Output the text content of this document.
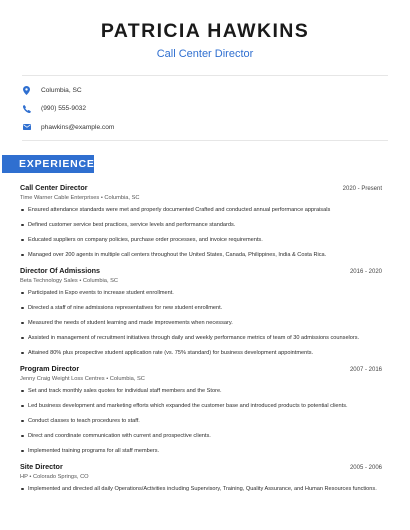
PATRICIA HAWKINS
Call Center Director
Columbia, SC
(990) 555-9032
phawkins@example.com
EXPERIENCE
Call Center Director	2020 - Present
Time Warner Cable Enterprises • Columbia, SC
Ensured attendance standards were met and properly documented Crafted and conducted annual performance appraisals
Defined customer service best practices, service levels and performance standards.
Educated suppliers on company policies, purchase order processes, and invoice requirements.
Managed over 200 agents in multiple call centers throughout the United States, Canada, Philippines, India & Costa Rica.
Director Of Admissions	2016 - 2020
Beta Technology Sales • Columbia, SC
Participated in Expo events to increase student enrollment.
Directed a staff of nine admissions representatives for new student enrollment.
Measured the needs of student learning and made improvements when necessary.
Assisted in management of recruitment initiatives through daily and weekly performance metrics of team of 30 admissions counselors.
Attained 80% plus prospective student application rate (vs. 75% standard) for business development appointments.
Program Director	2007 - 2016
Jenny Craig Weight Loss Centres • Columbia, SC
Set and track monthly sales quotes for individual staff members and the Store.
Led business development and marketing efforts which expanded the customer base and introduced products to potential clients.
Conduct classes to teach procedures to staff.
Direct and coordinate communication with current and prospective clients.
Implemented training programs for all staff members.
Site Director	2005 - 2006
HP • Colorado Springs, CO
Implemented and directed all daily Operations/Activities including Supervisory, Training, Quality Assurance, and Human Resources functions.
